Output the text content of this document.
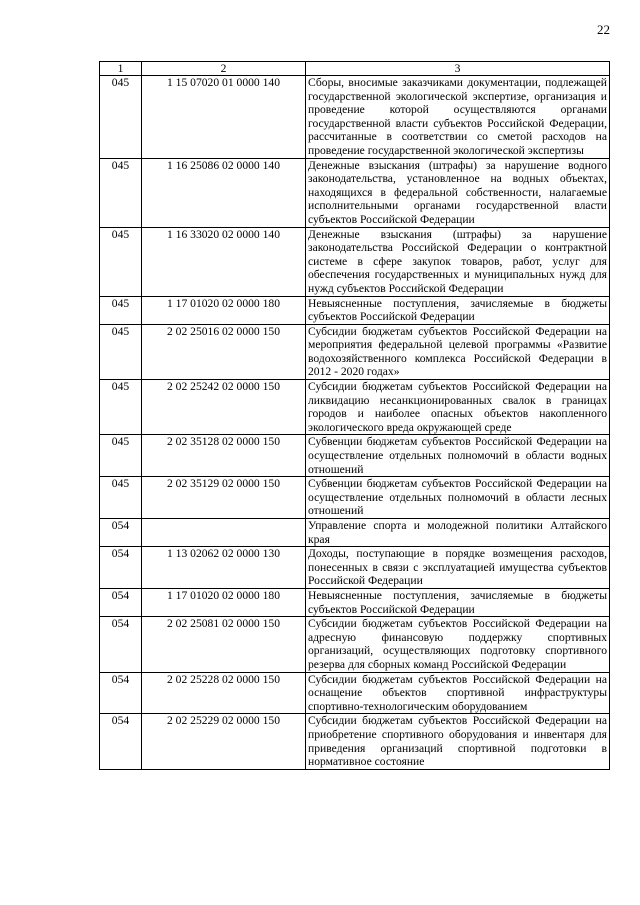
22
1	2	3
045	1 15 07020 01 0000 140	Сборы, вносимые заказчиками документации, подлежащей государственной экологической экспертизе, организация и проведение которой осуществляются органами государственной власти субъектов Российской Федерации, рассчитанные в соответствии со сметой расходов на проведение государственной экологической экспертизы
045	1 16 25086 02 0000 140	Денежные взыскания (штрафы) за нарушение водного законодательства, установленное на водных объектах, находящихся в федеральной собственности, налагаемые исполнительными органами государственной власти субъектов Российской Федерации
045	1 16 33020 02 0000 140	Денежные взыскания (штрафы) за нарушение законодательства Российской Федерации о контрактной системе в сфере закупок товаров, работ, услуг для обеспечения государственных и муниципальных нужд для нужд субъектов Российской Федерации
045	1 17 01020 02 0000 180	Невыясненные поступления, зачисляемые в бюджеты субъектов Российской Федерации
045	2 02 25016 02 0000 150	Субсидии бюджетам субъектов Российской Федерации на мероприятия федеральной целевой программы «Развитие водохозяйственного комплекса Российской Федерации в 2012 - 2020 годах»
045	2 02 25242 02 0000 150	Субсидии бюджетам субъектов Российской Федерации на ликвидацию несанкционированных свалок в границах городов и наиболее опасных объектов накопленного экологического вреда окружающей среде
045	2 02 35128 02 0000 150	Субвенции бюджетам субъектов Российской Федерации на осуществление отдельных полномочий в области водных отношений
045	2 02 35129 02 0000 150	Субвенции бюджетам субъектов Российской Федерации на осуществление отдельных полномочий в области лесных отношений
054		Управление спорта и молодежной политики Алтайского края
054	1 13 02062 02 0000 130	Доходы, поступающие в порядке возмещения расходов, понесенных в связи с эксплуатацией имущества субъектов Российской Федерации
054	1 17 01020 02 0000 180	Невыясненные поступления, зачисляемые в бюджеты субъектов Российской Федерации
054	2 02 25081 02 0000 150	Субсидии бюджетам субъектов Российской Федерации на адресную финансовую поддержку спортивных организаций, осуществляющих подготовку спортивного резерва для сборных команд Российской Федерации
054	2 02 25228 02 0000 150	Субсидии бюджетам субъектов Российской Федерации на оснащение объектов спортивной инфраструктуры спортивно-технологическим оборудованием
054	2 02 25229 02 0000 150	Субсидии бюджетам субъектов Российской Федерации на приобретение спортивного оборудования и инвентаря для приведения организаций спортивной подготовки в нормативное состояние
